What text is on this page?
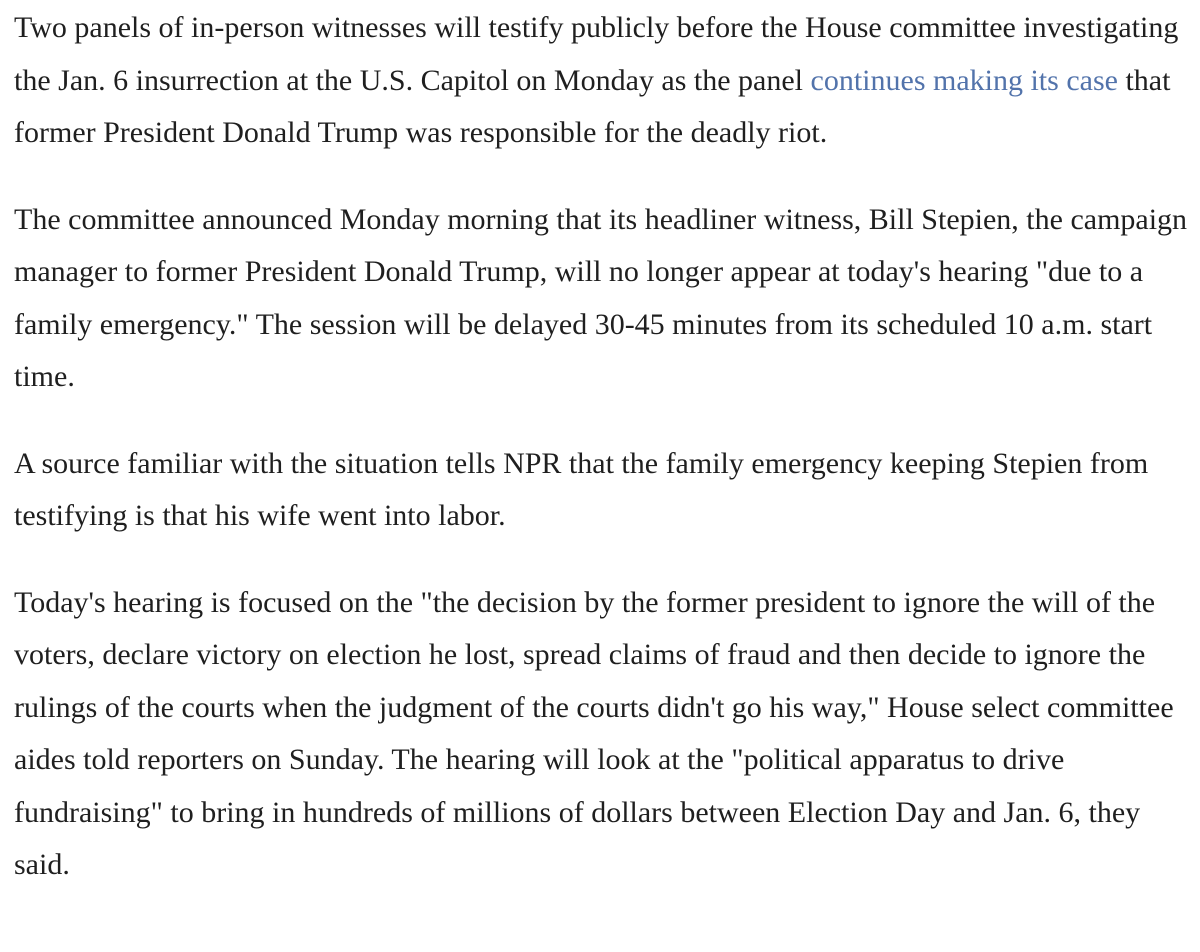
Two panels of in-person witnesses will testify publicly before the House committee investigating the Jan. 6 insurrection at the U.S. Capitol on Monday as the panel continues making its case that former President Donald Trump was responsible for the deadly riot.

The committee announced Monday morning that its headliner witness, Bill Stepien, the campaign manager to former President Donald Trump, will no longer appear at today's hearing "due to a family emergency." The session will be delayed 30-45 minutes from its scheduled 10 a.m. start time.

A source familiar with the situation tells NPR that the family emergency keeping Stepien from testifying is that his wife went into labor.

Today's hearing is focused on the "the decision by the former president to ignore the will of the voters, declare victory on election he lost, spread claims of fraud and then decide to ignore the rulings of the courts when the judgment of the courts didn't go his way," House select committee aides told reporters on Sunday. The hearing will look at the "political apparatus to drive fundraising" to bring in hundreds of millions of dollars between Election Day and Jan. 6, they said.
